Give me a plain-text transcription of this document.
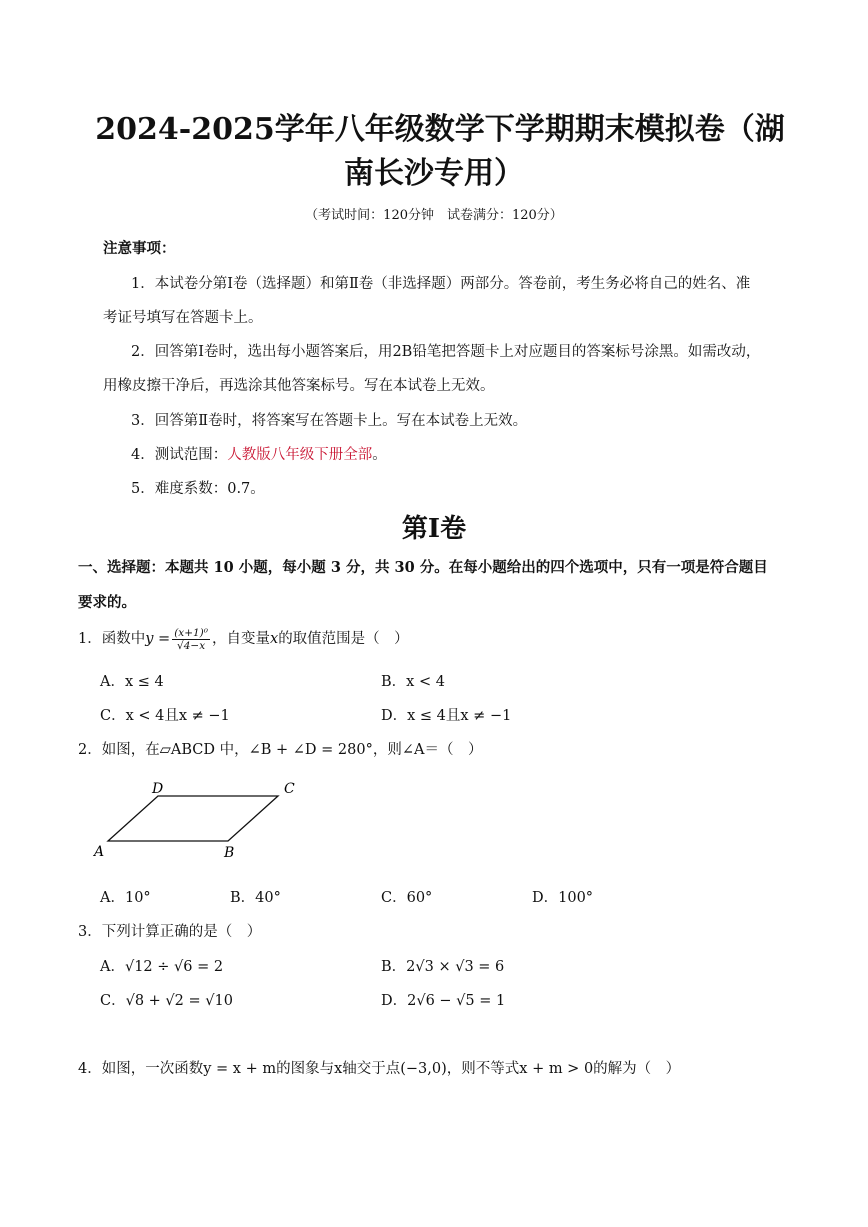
2024-2025学年八年级数学下学期期末模拟卷（湖
南长沙专用）
（考试时间：120分钟　试卷满分：120分）
注意事项：
1．本试卷分第Ⅰ卷（选择题）和第Ⅱ卷（非选择题）两部分。答卷前，考生务必将自己的姓名、准
考证号填写在答题卡上。
2．回答第Ⅰ卷时，选出每小题答案后，用2B铅笔把答题卡上对应题目的答案标号涂黑。如需改动，
用橡皮擦干净后，再选涂其他答案标号。写在本试卷上无效。
3．回答第Ⅱ卷时，将答案写在答题卡上。写在本试卷上无效。
4．测试范围：人教版八年级下册全部。
5．难度系数：0.7。
第Ⅰ卷
一、选择题：本题共 10 小题，每小题 3 分，共 30 分。在每小题给出的四个选项中，只有一项是符合题目
要求的。
1．函数中$y = \frac{\text{(x+1)⁰}}{√4-x}$ ，自变量x的取值范围是（　）
A．x ≤ 4	B．x < 4
C．x < 4且x ≠ −1	D．x ≤ 4且x ≠ −1
2．如图，在▱ABCD 中，∠B + ∠D = 280°，则∠A＝（　）
A	B
C
D
A．10°	B．40°	C．60°	D．100°
3．下列计算正确的是（　）
A．√12 ÷ √6 = 2	B．2√3 × √3 = 6
C．√8 + √2 = √10	D．2√6 − √5 = 1
4．如图，一次函数y = x + m的图象与x轴交于点(−3,0)，则不等式x + m > 0的解为（　）
